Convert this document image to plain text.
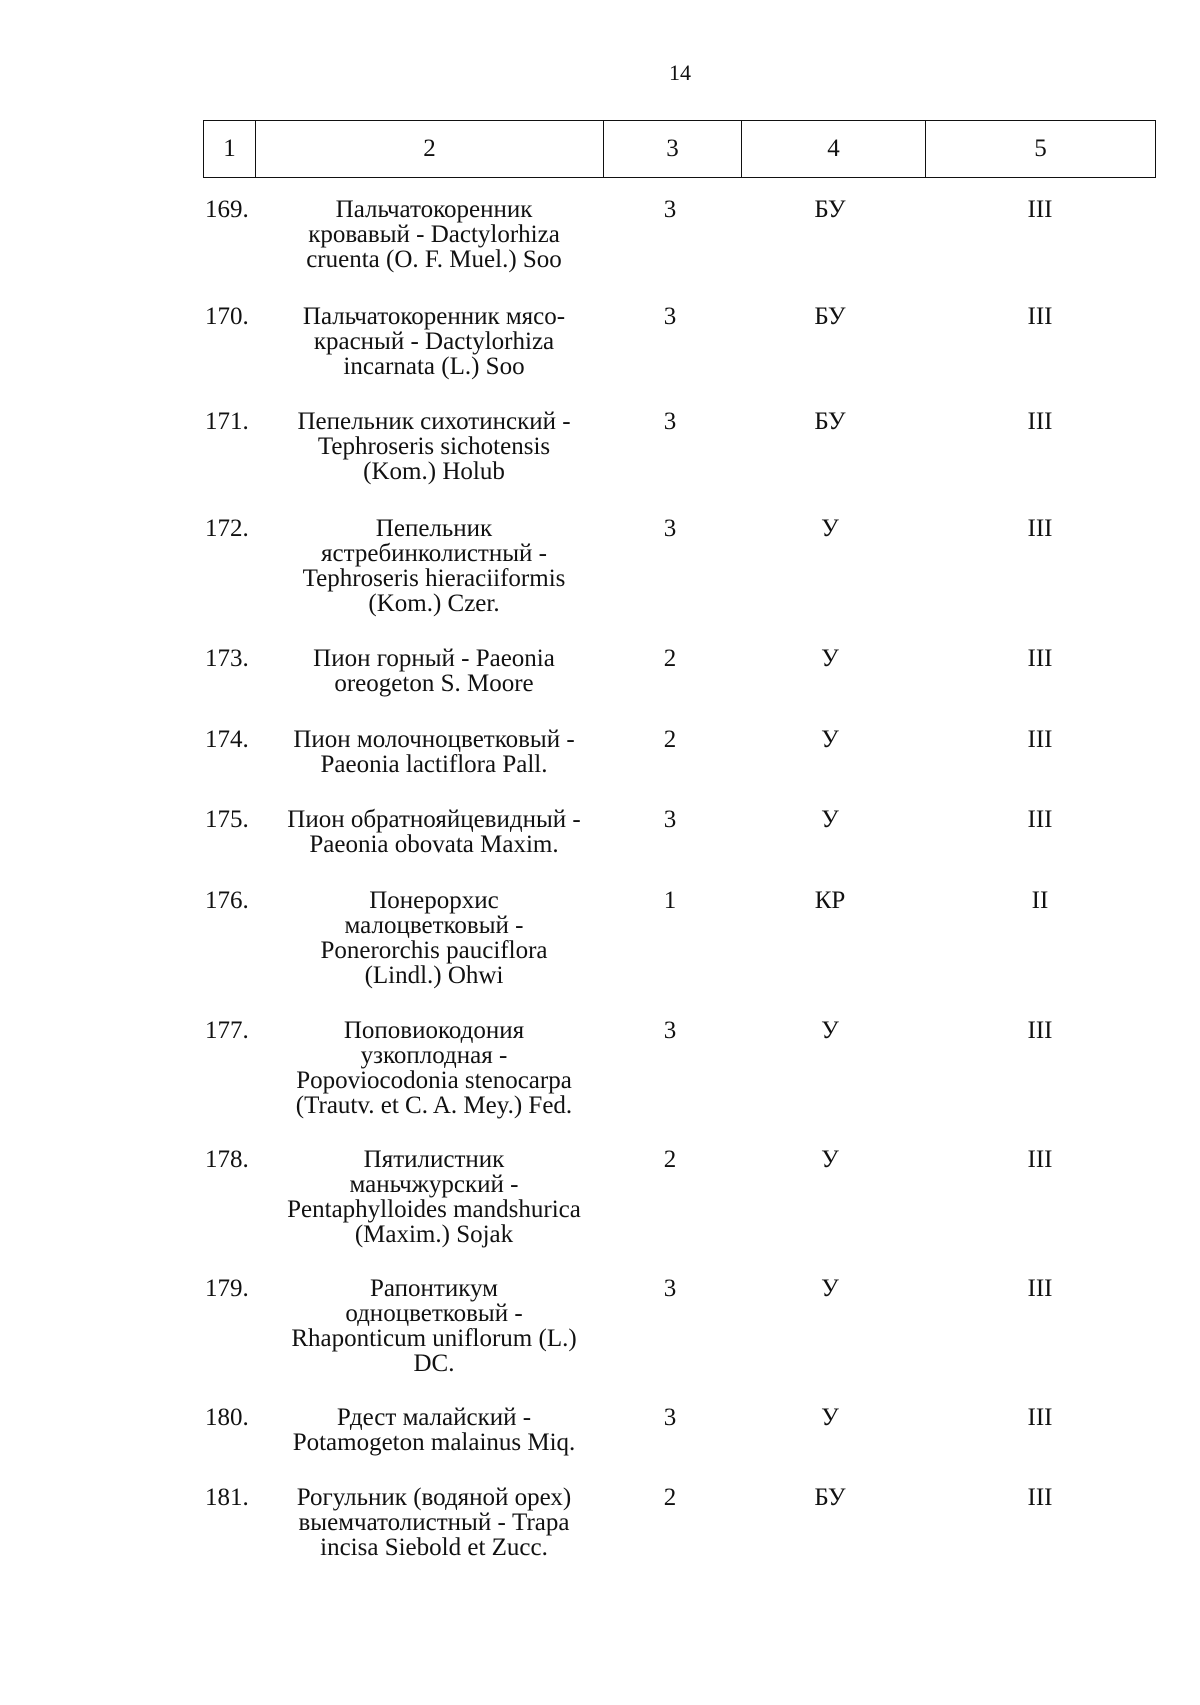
14
1	2	3	4	5
169.	Пальчатокоренник
кровавый - Dactylorhiza
cruenta (O. F. Muel.) Soo
3	БУ	III
170.	Пальчатокоренник мясо-
красный - Dactylorhiza
incarnata (L.) Soo
3	БУ	III
171.	Пепельник сихотинский -
Tephroseris sichotensis
(Kom.) Holub
3	БУ	III
172.	Пепельник
ястребинколистный -
Tephroseris hieraciiformis
(Kom.) Czer.
3	У	III
173.	Пион горный - Paeonia
oreogeton S. Moore
2	У	III
174.	Пион молочноцветковый -
Paeonia lactiflora Pall.
2	У	III
175.	Пион обратнояйцевидный -
Paeonia obovata Maxim.
3	У	III
176.	Понерорхис
малоцветковый -
Ponerorchis pauciflora
(Lindl.) Ohwi
1	КР	II
177.	Поповиокодония
узкоплодная -
Popoviocodonia stenocarpa
(Trautv. et C. A. Mey.) Fed.
3	У	III
178.	Пятилистник
маньчжурский -
Pentaphylloides mandshurica
(Maxim.) Sojak
2	У	III
179.	Рапонтикум
одноцветковый -
Rhaponticum uniflorum (L.)
DC.
3	У	III
180.	Рдест малайский -
Potamogeton malainus Miq.
3	У	III
181.	Рогульник (водяной орех)
выемчатолистный - Trapa
incisa Siebold et Zucc.
2	БУ	III
